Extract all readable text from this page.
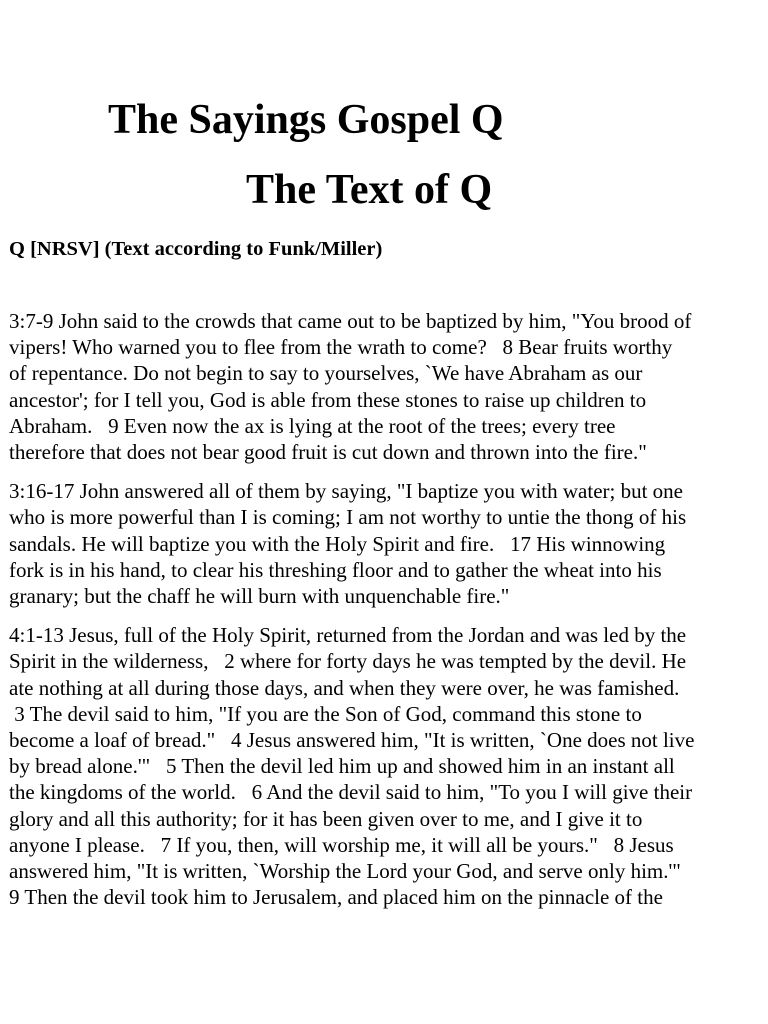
The Sayings Gospel Q
The Text of Q
Q [NRSV] (Text according to Funk/Miller)

3:7-9 John said to the crowds that came out to be baptized by him, "You brood of
vipers! Who warned you to flee from the wrath to come?   8 Bear fruits worthy
of repentance. Do not begin to say to yourselves, `We have Abraham as our
ancestor'; for I tell you, God is able from these stones to raise up children to
Abraham.   9 Even now the ax is lying at the root of the trees; every tree
therefore that does not bear good fruit is cut down and thrown into the fire."

3:16-17 John answered all of them by saying, "I baptize you with water; but one
who is more powerful than I is coming; I am not worthy to untie the thong of his
sandals. He will baptize you with the Holy Spirit and fire.   17 His winnowing
fork is in his hand, to clear his threshing floor and to gather the wheat into his
granary; but the chaff he will burn with unquenchable fire."

4:1-13 Jesus, full of the Holy Spirit, returned from the Jordan and was led by the
Spirit in the wilderness,   2 where for forty days he was tempted by the devil. He
ate nothing at all during those days, and when they were over, he was famished.
3 The devil said to him, "If you are the Son of God, command this stone to
become a loaf of bread."   4 Jesus answered him, "It is written, `One does not live
by bread alone.'"   5 Then the devil led him up and showed him in an instant all
the kingdoms of the world.   6 And the devil said to him, "To you I will give their
glory and all this authority; for it has been given over to me, and I give it to
anyone I please.   7 If you, then, will worship me, it will all be yours."   8 Jesus
answered him, "It is written, `Worship the Lord your God, and serve only him.'"
9 Then the devil took him to Jerusalem, and placed him on the pinnacle of the
